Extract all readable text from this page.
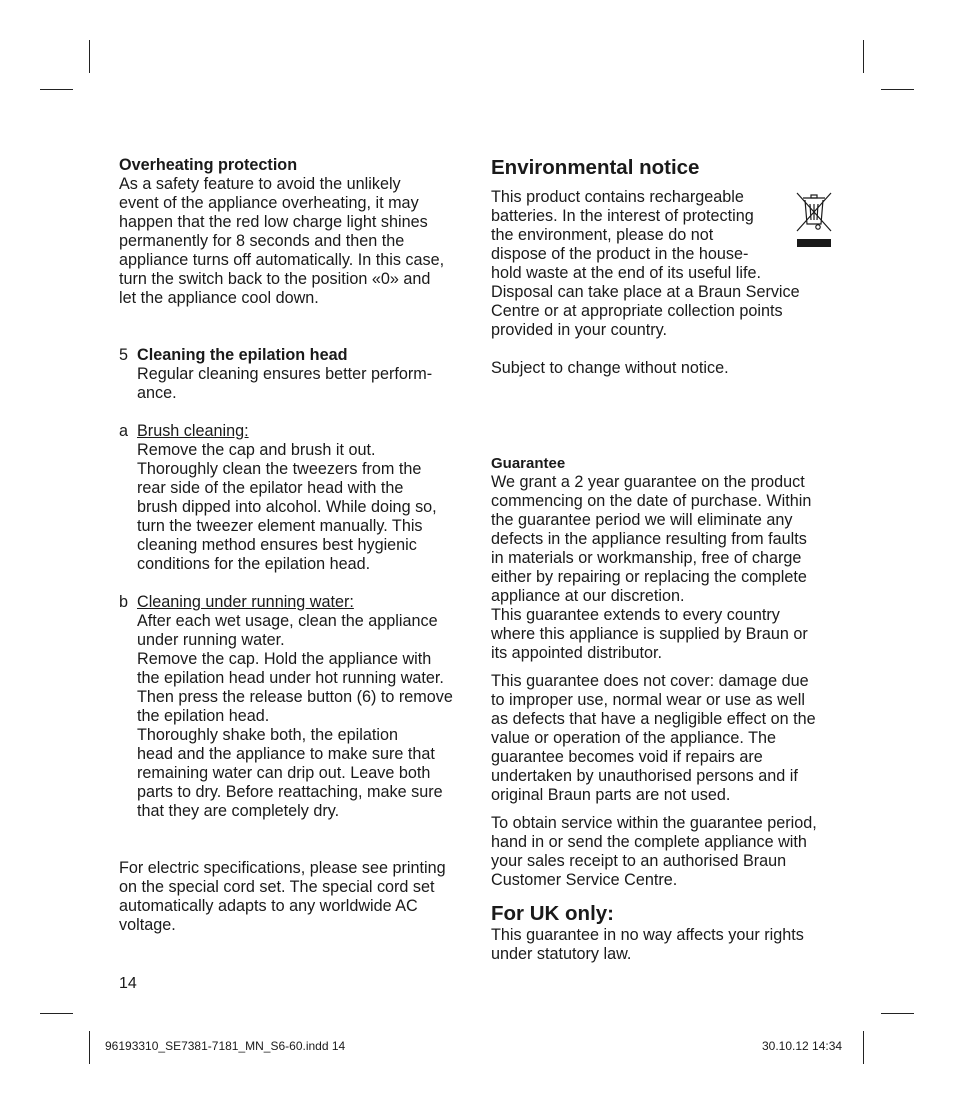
Overheating protection

As a safety feature to avoid the unlikely

event of the appliance overheating, it may

happen that the red low charge light shines

permanently for 8 seconds and then the

appliance turns off automatically. In this case,

turn the switch back to the position «0» and

let the appliance cool down.

5 Cleaning the epilation head

Regular cleaning ensures better perform-

ance.

a Brush cleaning:

Remove the cap and brush it out.

Thoroughly clean the tweezers from the

rear side of the epilator head with the

brush dipped into alcohol. While doing so,

turn the tweezer element manually. This

cleaning method ensures best hygienic

conditions for the epilation head.

b Cleaning under running water:

After each wet usage, clean the appliance

under running water.

Remove the cap. Hold the appliance with

the epilation head under hot running water.

Then press the release button (6) to remove

the epilation head.

Thoroughly shake both, the epilation

head and the appliance to make sure that

remaining water can drip out. Leave both

parts to dry. Before reattaching, make sure

that they are completely dry.

For electric specifications, please see printing

on the special cord set. The special cord set

automatically adapts to any worldwide AC

voltage.

Environmental notice

This product contains rechargeable

batteries. In the interest of protecting

the environment, please do not

dispose of the product in the house-

hold waste at the end of its useful life.

Disposal can take place at a Braun Service

Centre or at appropriate collection points

provided in your country.

Subject to change without notice.

Guarantee

We grant a 2 year guarantee on the product

commencing on the date of purchase. Within

the guarantee period we will eliminate any

defects in the appliance resulting from faults

in materials or workmanship, free of charge

either by repairing or replacing the complete

appliance at our discretion.

This guarantee extends to every country

where this appliance is supplied by Braun or

its appointed distributor.

This guarantee does not cover: damage due

to improper use, normal wear or use as well

as defects that have a negligible effect on the

value or operation of the appliance. The

guarantee becomes void if repairs are

undertaken by unauthorised persons and if

original Braun parts are not used.

To obtain service within the guarantee period,

hand in or send the complete appliance with

your sales receipt to an authorised Braun

Customer Service Centre.

For UK only:

This guarantee in no way affects your rights

under statutory law.

14
96193310_SE7381-7181_MN_S6-60.indd 14	30.10.12 14:34
